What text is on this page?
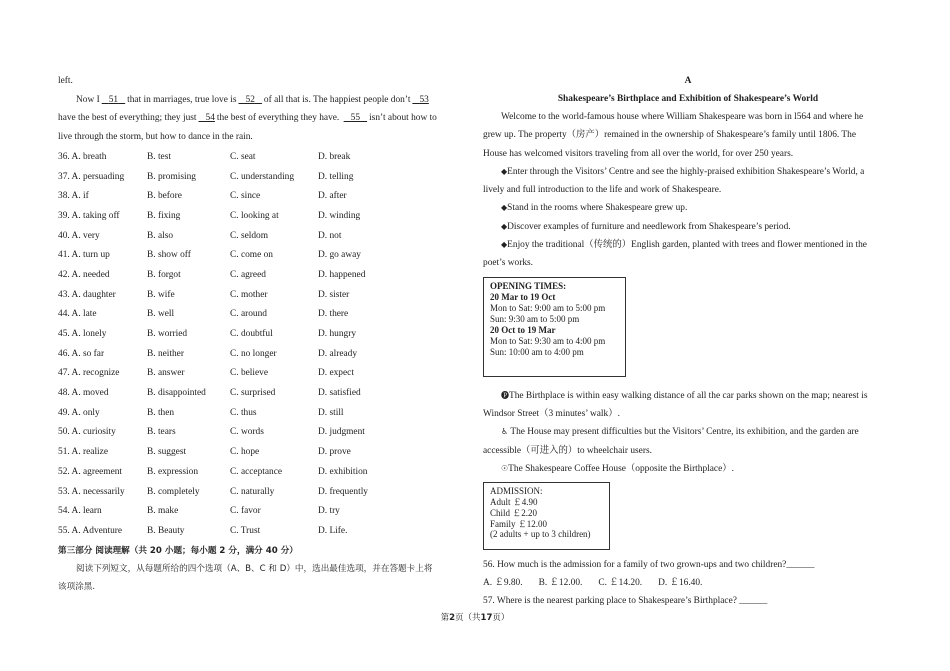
left.
Now I 51 that in marriages, true love is 52 of all that is. The happiest people don’t 53
have the best of everything; they just 54 the best of everything they have. 55 isn’t about how to
live through the storm, but how to dance in the rain.
36. A. breath	B. test	C. seat	D. break
37. A. persuading	B. promising	C. understanding	D. telling
38. A. if	B. before	C. since	D. after
39. A. taking off	B. fixing	C. looking at	D. winding
40. A. very	B. also	C. seldom	D. not
41. A. turn up	B. show off	C. come on	D. go away
42. A. needed	B. forgot	C. agreed	D. happened
43. A. daughter	B. wife	C. mother	D. sister
44. A. late	B. well	C. around	D. there
45. A. lonely	B. worried	C. doubtful	D. hungry
46. A. so far	B. neither	C. no longer	D. already
47. A. recognize	B. answer	C. believe	D. expect
48. A. moved	B. disappointed	C. surprised	D. satisfied
49. A. only	B. then	C. thus	D. still
50. A. curiosity	B. tears	C. words	D. judgment
51. A. realize	B. suggest	C. hope	D. prove
52. A. agreement	B. expression	C. acceptance	D. exhibition
53. A. necessarily	B. completely	C. naturally	D. frequently
54. A. learn	B. make	C. favor	D. try
55. A. Adventure	B. Beauty	C. Trust	D. Life.
第三部分 阅读理解（共 20 小题；每小题 2 分，满分 40 分）
阅读下列短文，从每题所给的四个选项（A、B、C 和 D）中，选出最佳选项，并在答题卡上将
该项涂黑.
A
Shakespeare’s Birthplace and Exhibition of Shakespeare’s World
Welcome to the world-famous house where William Shakespeare was born in l564 and where he
grew up. The property（房产）remained in the ownership of Shakespeare’s family until 1806. The
House has welcomed visitors traveling from all over the world, for over 250 years.
◆Enter through the Visitors’ Centre and see the highly-praised exhibition Shakespeare’s World, a
lively and full introduction to the life and work of Shakespeare.
◆Stand in the rooms where Shakespeare grew up.
◆Discover examples of furniture and needlework from Shakespeare’s period.
◆Enjoy the traditional（传统的）English garden, planted with trees and flower mentioned in the
poet’s works.
OPENING TIMES:
20 Mar to 19 Oct
Mon to Sat: 9:00 am to 5:00 pm
Sun: 9:30 am to 5:00 pm
20 Oct to 19 Mar
Mon to Sat: 9:30 am to 4:00 pm
Sun: 10:00 am to 4:00 pm
🅟The Birthplace is within easy walking distance of all the car parks shown on the map; nearest is
Windsor Street（3 minutes’ walk）.
♿ The House may present difficulties but the Visitors’ Centre, its exhibition, and the garden are
accessible（可进入的）to wheelchair users.
☉The Shakespeare Coffee House（opposite the Birthplace）.
ADMISSION:
Adult ￡4.90
Child ￡2.20
Family ￡12.00
(2 adults + up to 3 children)
56. How much is the admission for a family of two grown-ups and two children?______
A. ￡9.80. B. ￡12.00. C. ￡14.20. D. ￡16.40.
57. Where is the nearest parking place to Shakespeare’s Birthplace? ______
第2页（共17页）
